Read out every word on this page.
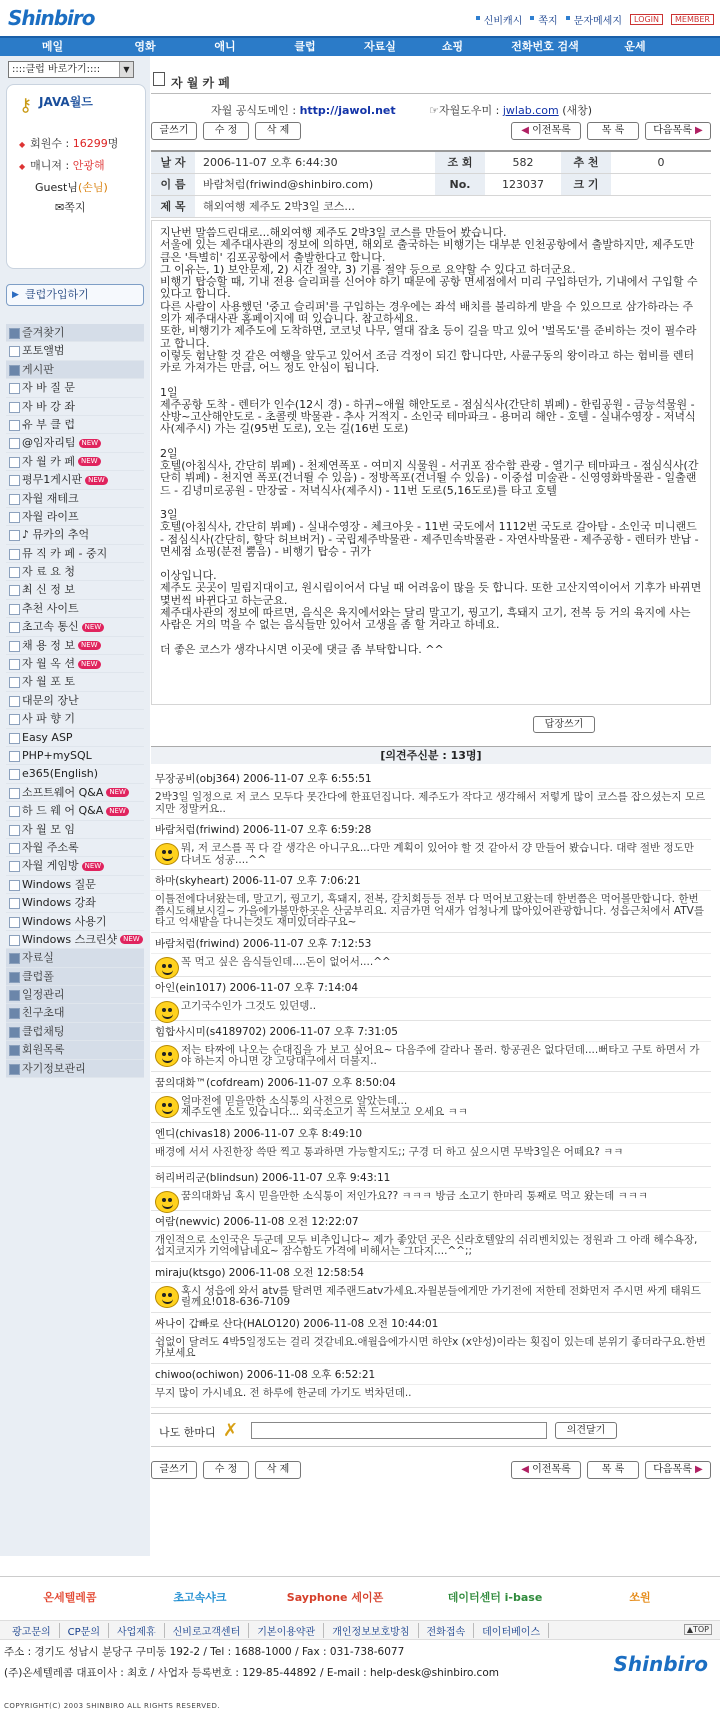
Shinbiro	신비캐시	쪽지	문자메세지	LOGIN	MEMBER
메일	영화	애니	클럽	자료실	쇼핑	전화번호 검색	운세
::::클럽 바로가기::::	▼
⚷ JAVA월드
◆ 회원수 : 16299명
◆ 매니져 : 안광해
Guest님(손님)
✉쪽지
▶ 클럽가입하기
즐겨찾기
포토앨범
게시판
자 바 질 문
자 바 강 좌
유 부 클 럽
@임자리팀 NEW
자 월 카 페 NEW
평무1게시판 NEW
자월 재테크
자월 라이프
♪ 뮤카의 추억
뮤 직 카 페 - 중지
자 료 요 청
최 신 정 보
추천 사이트
초고속 통신 NEW
채 용 정 보 NEW
자 월 옥 션 NEW
자 월 포 토
대문의 장난
사 파 향 기
Easy ASP
PHP+mySQL
e365(English)
소프트웨어 Q&A NEW
하 드 웨 어 Q&A NEW
자 월 모 임
자월 주소록
자월 게임방 NEW
Windows 질문
Windows 강좌
Windows 사용기
Windows 스크린샷 NEW
자료실
클럽폴
일정관리
친구초대
클럽채팅
회원목록
자기정보관리
자 월 카 페
자월 공식도메인 : http://jawol.net	☞자월도우미 : jwlab.com (새창)
글쓰기	수 정	삭 제	◀ 이전목록	목 록	다음목록 ▶
날 자	2006-11-07 오후 6:44:30	조 회	582	추 천	0
이 름	바람처럼(friwind@shinbiro.com)	No.	123037	크 기
제 목	해외여행 제주도 2박3일 코스...

지난번 말씀드린대로...해외여행 제주도 2박3일 코스를 만들어 봤습니다.

서울에 있는 제주대사관의 정보에 의하면, 해외로 출국하는 비행기는 대부분 인천공항에서 출발하지만, 제주도만큼은 '특별히' 김포공항에서 출발한다고 합니다.

그 이유는, 1) 보안문제, 2) 시간 절약, 3) 기름 절약 등으로 요약할 수 있다고 하더군요.

비행기 탑승할 때, 기내 전용 슬리퍼를 신어야 하기 때문에 공항 면세점에서 미리 구입하던가, 기내에서 구입할 수 있다고 합니다.

다른 사람이 사용했던 '중고 슬리퍼'를 구입하는 경우에는 좌석 배치를 불리하게 받을 수 있으므로 삼가하라는 주의가 제주대사관 홈페이지에 떠 있습니다. 참고하세요.

또한, 비행기가 제주도에 도착하면, 코코넛 나무, 열대 잡초 등이 길을 막고 있어 '벌목도'를 준비하는 것이 필수라고 합니다.

이렇듯 험난할 것 같은 여행을 앞두고 있어서 조금 걱정이 되긴 합니다만, 사륜구동의 왕이라고 하는 험비를 렌터카로 가져가는 만큼, 어느 정도 안심이 됩니다.

1일

제주공항 도착 - 렌터가 인수(12시 경) - 하귀~애월 해안도로 - 점심식사(간단히 뷔페) - 한림공원 - 금능석물원 - 산방~고산해안도로 - 초콜렛 박물관 - 추사 거적지 - 소인국 테마파크 - 용머리 해안 - 호텔 - 실내수영장 - 저녁식사(제주시) 가는 길(95번 도로), 오는 길(16번 도로)

2일

호텔(아침식사, 간단히 뷔페) - 천제연폭포 - 여미지 식물원 - 서귀포 잠수함 관광 - 열기구 테마파크 - 점심식사(간단히 뷔페) - 천지연 폭포(건너뛸 수 있음) - 정방폭포(건너뛸 수 있음) - 이중섭 미술관 - 신영영화박물관 - 일출랜드 - 김녕미로공원 - 만장굴 - 저녁식사(제주시) - 11번 도로(5,16도로)를 타고 호텔

3일

호텔(아침식사, 간단히 뷔페) - 실내수영장 - 체크아웃 - 11번 국도에서 1112번 국도로 갈아탐 - 소인국 미니랜드 - 점심식사(간단히, 할닥 허브버거) - 국립제주박물관 - 제주민속박물관 - 자연사박물관 - 제주공항 - 렌터카 반납 - 면세점 쇼핑(분전 뿜음) - 비행기 탑승 - 귀가

이상입니다.

제주도 곳곳이 밀림지대이고, 원시림이어서 다닐 때 어려움이 많을 듯 합니다. 또한 고산지역이어서 기후가 바뀌면 몇번씩 바뀐다고 하는군요.

제주대사관의 정보에 따르면, 음식은 육지에서와는 달리 말고기, 꿩고기, 흑돼지 고기, 전복 등 거의 육지에 사는 사람은 거의 먹을 수 없는 음식들만 있어서 고생을 좀 할 거라고 하네요.

더 좋은 코스가 생각나시면 이곳에 댓글 좀 부탁합니다. ^^

답장쓰기
[의견주신분 : 13명]
무장공비(obj364) 2006-11-07 오후 6:55:51
2박3일 일정으로 저 코스 모두다 못간다에 한표던집니다. 제주도가 작다고 생각해서 저렇게 많이 코스를 잡으셨는지 모르지만 정말커요..
바람처럼(friwind) 2006-11-07 오후 6:59:28
뭐, 저 코스를 꼭 다 갈 생각은 아니구요...다만 계획이 있어야 할 것 같아서 걍 만들어 봤습니다. 대략 절반 정도만 다녀도 성공....^^
하마(skyheart) 2006-11-07 오후 7:06:21
이틀전에다녀왔는데, 말고기, 꿩고기, 흑돼지, 전복, 갈치회등등 전부 다 먹어보고왔는데 한번쯤은 먹어볼만합니다. 한번쯤시도해보시길~ 가을에가볼만한곳은 산굼부리요. 지금가면 억새가 엄청나게 많아있어관광합니다. 성읍근처에서 ATV를 타고 억새밭을 다니는것도 재미있더라구요~
바람처럼(friwind) 2006-11-07 오후 7:12:53
꼭 먹고 싶은 음식들인데....돈이 없어서....^^
아인(ein1017) 2006-11-07 오후 7:14:04
고기국수인가 그것도 있던뎅..
힘합사시미(s4189702) 2006-11-07 오후 7:31:05
저는 타짜에 나오는 순대집을 가 보고 싶어요~ 다음주에 갈라나 몰러. 항공권은 없다던데....뻐타고 구토 하면서 가야 하는지 아니면 걍 고당대구에서 더물지..
꿈의대화™(cofdream) 2006-11-07 오후 8:50:04
얼마전에 믿을만한 소식통의 사전으로 알았는데...
제주도엔 소도 있습니다... 외국소고기 꼭 드셔보고 오세요 ㅋㅋ
엔디(chivas18) 2006-11-07 오후 8:49:10
배경에 서서 사진한장 쓱딴 찍고 통과하면 가능할지도;; 구경 더 하고 싶으시면 무박3일은 어떼요? ㅋㅋ
허리버리군(blindsun) 2006-11-07 오후 9:43:11
꿈의대화님 혹시 믿을만한 소식통이 저인가요?? ㅋㅋㅋ 방금 소고기 한마리 통째로 먹고 왔는데 ㅋㅋㅋ
여람(newvic) 2006-11-08 오전 12:22:07
개인적으로 소인국은 두군데 모두 비추입니다~ 제가 좋았던 곳은 신라호텔앞의 쉬리벤치있는 정원과 그 아래 해수욕장, 섭지코지가 기억에남네요~ 잠수함도 가격에 비해서는 그다지....^^;;
miraju(ktsgo) 2006-11-08 오전 12:58:54
혹시 성읍에 와서 atv를 탈려면 제주랜드atv가세요.자월분들에게만 가기전에 저한테 전화먼저 주시면 싸게 태워드릴께요!018-636-7109
싸나이 갑빠로 산다(HALO120) 2006-11-08 오전 10:44:01
쉽없이 달려도 4박5일정도는 걸리 것같네요.애월읍에가시면 하얀x (x얀성)이라는 횟집이 있는데 분위기 좋더라구요.한번가보세요
chiwoo(ochiwon) 2006-11-08 오후 6:52:21
무지 많이 가시네요. 전 하루에 한군데 가기도 벅차던데..
나도 한마디 ✗	의견달기
글쓰기	수 정	삭 제	◀ 이전목록	목 록	다음목록 ▶
온세텔레콤	초고속샤크	Sayphone 세이폰	데이터센터 i-base	쏘원
광고문의	CP문의	사업제휴	신비로고객센터	기본이용약관	개인정보보호방침	전화접속	데이터베이스	▲TOP
주소 : 경기도 성남시 분당구 구미동 192-2 / Tel : 1688-1000 / Fax : 031-738-6077
(주)온세텔레콤 대표이사 : 최호 / 사업자 등록번호 : 129-85-44892 / E-mail : help-desk@shinbiro.com
COPYRIGHT(C) 2003 SHINBIRO ALL RIGHTS RESERVED.
Shinbiro
